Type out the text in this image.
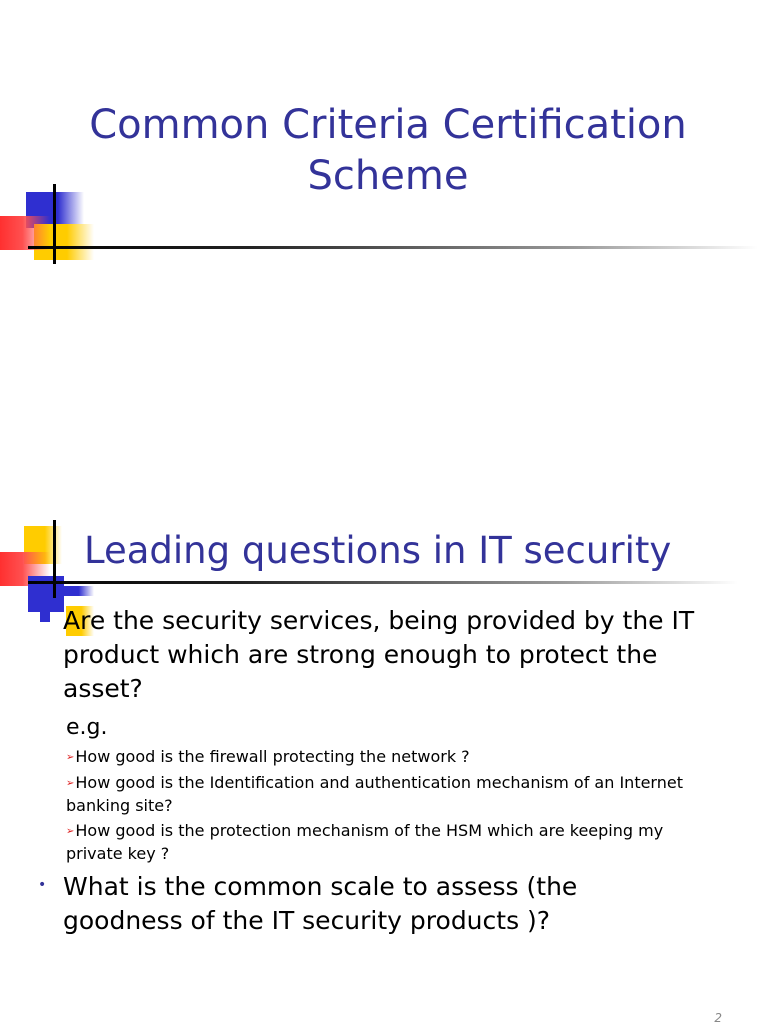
Common Criteria Certification
Scheme
Leading questions in IT security
Are the security services, being provided by the IT product which are strong enough to protect the asset?
e.g.
➢How good is the firewall protecting the network ?
➢How good is the Identification and authentication mechanism of an Internet banking site?
➢How good is the protection mechanism of the HSM which are keeping my private key ?
• What is the common scale to assess (the goodness of the IT security products )?
2
